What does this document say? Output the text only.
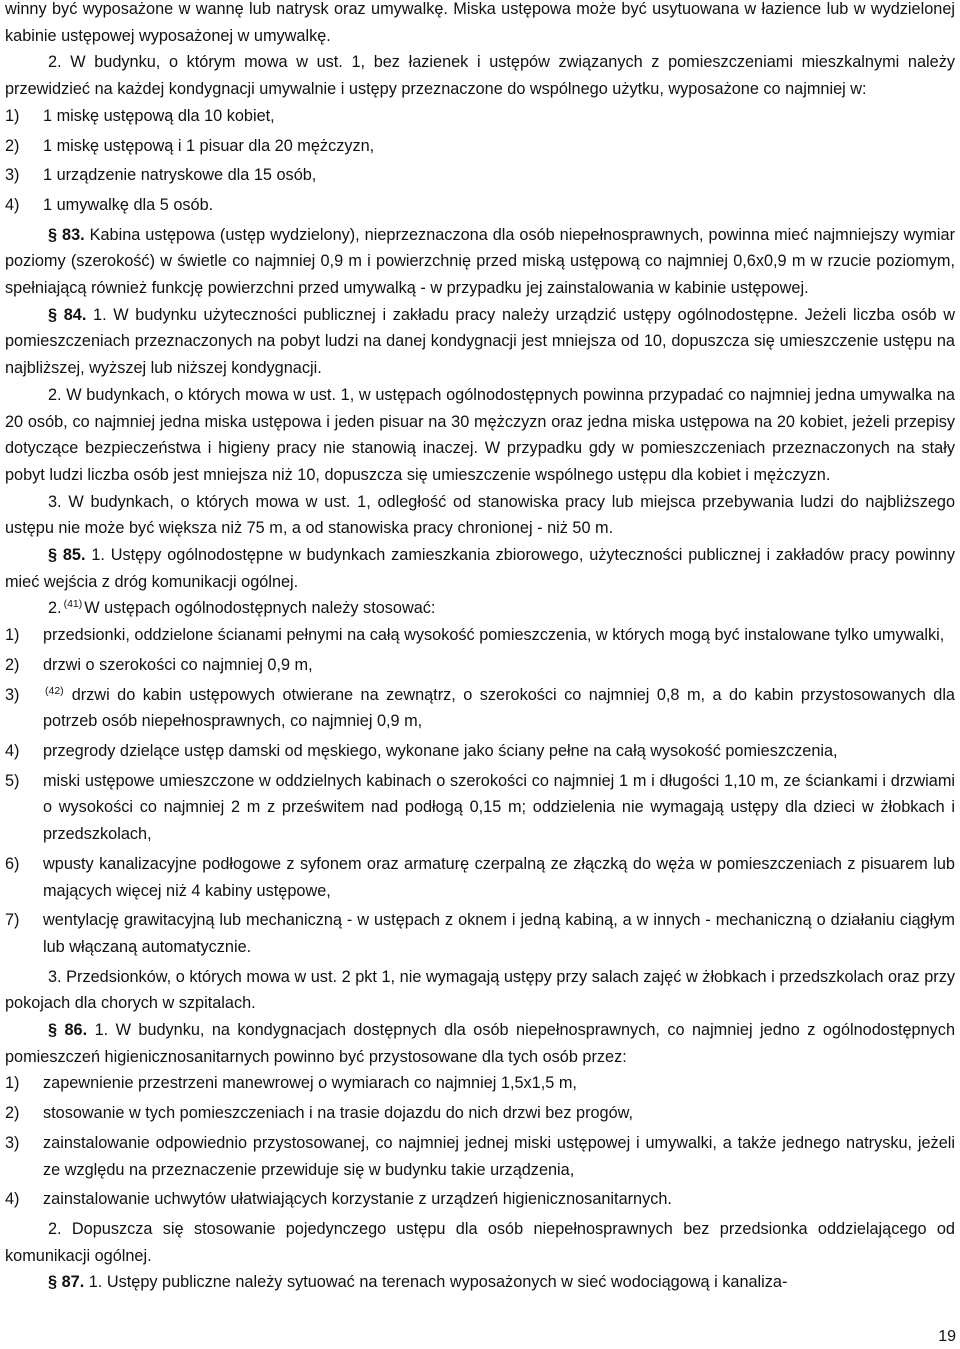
winny być wyposażone w wannę lub natrysk oraz umywalkę. Miska ustępowa może być usytuowana w łazience lub w wydzielonej kabinie ustępowej wyposażonej w umywalkę.

2. W budynku, o którym mowa w ust. 1, bez łazienek i ustępów związanych z pomieszczeniami mieszkalnymi należy przewidzieć na każdej kondygnacji umywalnie i ustępy przeznaczone do wspólnego użytku, wyposażone co najmniej w:

1)	1 miskę ustępową dla 10 kobiet,
2)	1 miskę ustępową i 1 pisuar dla 20 mężczyzn,
3)	1 urządzenie natryskowe dla 15 osób,
4)	1 umywalkę dla 5 osób.

§ 83. Kabina ustępowa (ustęp wydzielony), nieprzeznaczona dla osób niepełnosprawnych, powinna mieć najmniejszy wymiar poziomy (szerokość) w świetle co najmniej 0,9 m i powierzchnię przed miską ustępową co najmniej 0,6x0,9 m w rzucie poziomym, spełniającą również funkcję powierzchni przed umywalką - w przypadku jej zainstalowania w kabinie ustępowej.

§ 84. 1. W budynku użyteczności publicznej i zakładu pracy należy urządzić ustępy ogólnodostępne. Jeżeli liczba osób w pomieszczeniach przeznaczonych na pobyt ludzi na danej kondygnacji jest mniejsza od 10, dopuszcza się umieszczenie ustępu na najbliższej, wyższej lub niższej kondygnacji.

2. W budynkach, o których mowa w ust. 1, w ustępach ogólnodostępnych powinna przypadać co najmniej jedna umywalka na 20 osób, co najmniej jedna miska ustępowa i jeden pisuar na 30 mężczyzn oraz jedna miska ustępowa na 20 kobiet, jeżeli przepisy dotyczące bezpieczeństwa i higieny pracy nie stanowią inaczej. W przypadku gdy w pomieszczeniach przeznaczonych na stały pobyt ludzi liczba osób jest mniejsza niż 10, dopuszcza się umieszczenie wspólnego ustępu dla kobiet i mężczyzn.

3. W budynkach, o których mowa w ust. 1, odległość od stanowiska pracy lub miejsca przebywania ludzi do najbliższego ustępu nie może być większa niż 75 m, a od stanowiska pracy chronionej - niż 50 m.

§ 85. 1. Ustępy ogólnodostępne w budynkach zamieszkania zbiorowego, użyteczności publicznej i zakładów pracy powinny mieć wejścia z dróg komunikacji ogólnej.

2. $^{(41)}$ W ustępach ogólnodostępnych należy stosować:

1)	przedsionki, oddzielone ścianami pełnymi na całą wysokość pomieszczenia, w których mogą być instalowane tylko umywalki,
2)	drzwi o szerokości co najmniej 0,9 m,
3)	$^{(42)}$ drzwi do kabin ustępowych otwierane na zewnątrz, o szerokości co najmniej 0,8 m, a do kabin przystosowanych dla potrzeb osób niepełnosprawnych, co najmniej 0,9 m,
4)	przegrody dzielące ustęp damski od męskiego, wykonane jako ściany pełne na całą wysokość pomieszczenia,
5)	miski ustępowe umieszczone w oddzielnych kabinach o szerokości co najmniej 1 m i długości 1,10 m, ze ściankami i drzwiami o wysokości co najmniej 2 m z prześwitem nad podłogą 0,15 m; oddzielenia nie wymagają ustępy dla dzieci w żłobkach i przedszkolach,
6)	wpusty kanalizacyjne podłogowe z syfonem oraz armaturę czerpalną ze złączką do węża w pomieszczeniach z pisuarem lub mających więcej niż 4 kabiny ustępowe,
7)	wentylację grawitacyjną lub mechaniczną - w ustępach z oknem i jedną kabiną, a w innych - mechaniczną o działaniu ciągłym lub włączaną automatycznie.

3. Przedsionków, o których mowa w ust. 2 pkt 1, nie wymagają ustępy przy salach zajęć w żłobkach i przedszkolach oraz przy pokojach dla chorych w szpitalach.

§ 86. 1. W budynku, na kondygnacjach dostępnych dla osób niepełnosprawnych, co najmniej jedno z ogólnodostępnych pomieszczeń higienicznosanitarnych powinno być przystosowane dla tych osób przez:

1)	zapewnienie przestrzeni manewrowej o wymiarach co najmniej 1,5x1,5 m,
2)	stosowanie w tych pomieszczeniach i na trasie dojazdu do nich drzwi bez progów,
3)	zainstalowanie odpowiednio przystosowanej, co najmniej jednej miski ustępowej i umywalki, a także jednego natrysku, jeżeli ze względu na przeznaczenie przewiduje się w budynku takie urządzenia,
4)	zainstalowanie uchwytów ułatwiających korzystanie z urządzeń higienicznosanitarnych.

2. Dopuszcza się stosowanie pojedynczego ustępu dla osób niepełnosprawnych bez przedsionka oddzielającego od komunikacji ogólnej.

§ 87. 1. Ustępy publiczne należy sytuować na terenach wyposażonych w sieć wodociągową i kanaliza-

19
